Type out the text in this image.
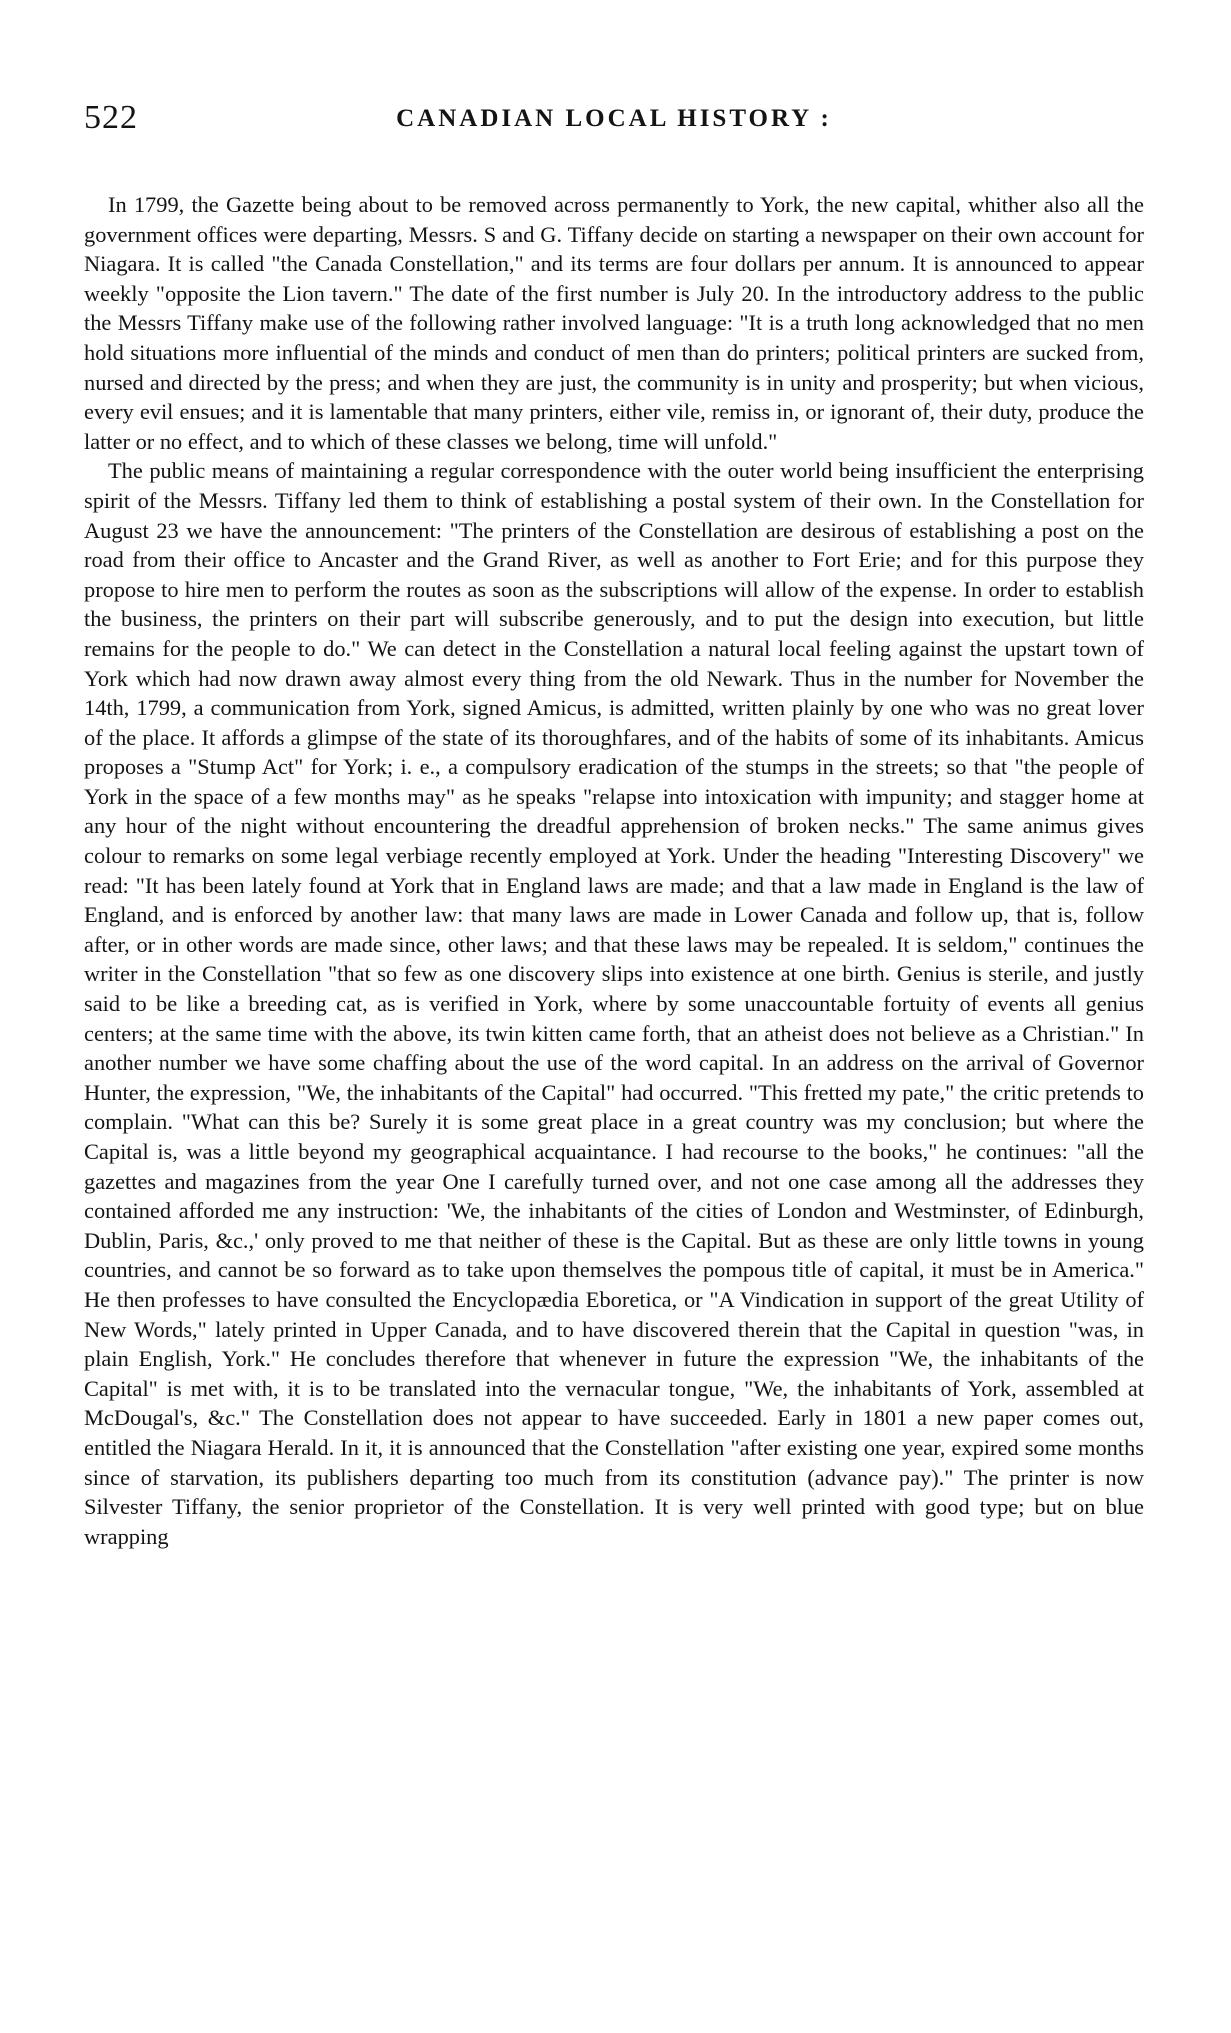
522	CANADIAN LOCAL HISTORY :

In 1799, the Gazette being about to be removed across permanently to York, the new capital, whither also all the government offices were departing, Messrs. S and G. Tiffany decide on starting a newspaper on their own account for Niagara. It is called "the Canada Constellation," and its terms are four dollars per annum. It is announced to appear weekly "opposite the Lion tavern." The date of the first number is July 20. In the introductory address to the public the Messrs Tiffany make use of the following rather involved language: "It is a truth long acknowledged that no men hold situations more influential of the minds and conduct of men than do printers; political printers are sucked from, nursed and directed by the press; and when they are just, the community is in unity and prosperity; but when vicious, every evil ensues; and it is lamentable that many printers, either vile, remiss in, or ignorant of, their duty, produce the latter or no effect, and to which of these classes we belong, time will unfold."

The public means of maintaining a regular correspondence with the outer world being insufficient the enterprising spirit of the Messrs. Tiffany led them to think of establishing a postal system of their own. In the Constellation for August 23 we have the announcement: "The printers of the Constellation are desirous of establishing a post on the road from their office to Ancaster and the Grand River, as well as another to Fort Erie; and for this purpose they propose to hire men to perform the routes as soon as the subscriptions will allow of the expense. In order to establish the business, the printers on their part will subscribe generously, and to put the design into execution, but little remains for the people to do." We can detect in the Constellation a natural local feeling against the upstart town of York which had now drawn away almost every thing from the old Newark. Thus in the number for November the 14th, 1799, a communication from York, signed Amicus, is admitted, written plainly by one who was no great lover of the place. It affords a glimpse of the state of its thoroughfares, and of the habits of some of its inhabitants. Amicus proposes a "Stump Act" for York; i. e., a compulsory eradication of the stumps in the streets; so that "the people of York in the space of a few months may" as he speaks "relapse into intoxication with impunity; and stagger home at any hour of the night without encountering the dreadful apprehension of broken necks." The same animus gives colour to remarks on some legal verbiage recently employed at York. Under the heading "Interesting Discovery" we read: "It has been lately found at York that in England laws are made; and that a law made in England is the law of England, and is enforced by another law: that many laws are made in Lower Canada and follow up, that is, follow after, or in other words are made since, other laws; and that these laws may be repealed. It is seldom," continues the writer in the Constellation "that so few as one discovery slips into existence at one birth. Genius is sterile, and justly said to be like a breeding cat, as is verified in York, where by some unaccountable fortuity of events all genius centers; at the same time with the above, its twin kitten came forth, that an atheist does not believe as a Christian." In another number we have some chaffing about the use of the word capital. In an address on the arrival of Governor Hunter, the expression, "We, the inhabitants of the Capital" had occurred. "This fretted my pate," the critic pretends to complain. "What can this be? Surely it is some great place in a great country was my conclusion; but where the Capital is, was a little beyond my geographical acquaintance. I had recourse to the books," he continues: "all the gazettes and magazines from the year One I carefully turned over, and not one case among all the addresses they contained afforded me any instruction: 'We, the inhabitants of the cities of London and Westminster, of Edinburgh, Dublin, Paris, &c.,' only proved to me that neither of these is the Capital. But as these are only little towns in young countries, and cannot be so forward as to take upon themselves the pompous title of capital, it must be in America." He then professes to have consulted the Encyclopædia Eboretica, or "A Vindication in support of the great Utility of New Words," lately printed in Upper Canada, and to have discovered therein that the Capital in question "was, in plain English, York." He concludes therefore that whenever in future the expression "We, the inhabitants of the Capital" is met with, it is to be translated into the vernacular tongue, "We, the inhabitants of York, assembled at McDougal's, &c." The Constellation does not appear to have succeeded. Early in 1801 a new paper comes out, entitled the Niagara Herald. In it, it is announced that the Constellation "after existing one year, expired some months since of starvation, its publishers departing too much from its constitution (advance pay)." The printer is now Silvester Tiffany, the senior proprietor of the Constellation. It is very well printed with good type; but on blue wrapping
